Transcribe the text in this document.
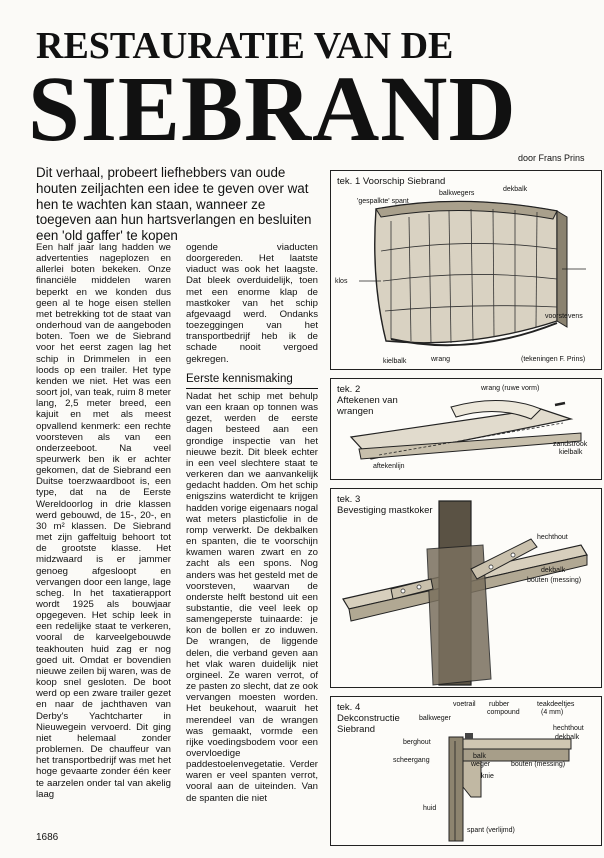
RESTAURATIE VAN DE
SIEBRAND door Frans Prins
Dit verhaal, probeert liefhebbers van oude houten zeiljachten een idee te geven over wat hen te wachten kan staan, wanneer ze toegeven aan hun hartsverlangen en besluiten een 'old gaffer' te kopen

Een half jaar lang hadden we advertenties nageplozen en allerlei boten bekeken. Onze financiële middelen waren beperkt en we konden dus geen al te hoge eisen stellen met betrekking tot de staat van onderhoud van de aangeboden boten. Toen we de Siebrand voor het eerst zagen lag het schip in Drimmelen in een loods op een trailer. Het type kenden we niet. Het was een soort jol, van teak, ruim 8 meter lang, 2,5 meter breed, een kajuit en met als meest opvallend kenmerk: een rechte voorsteven als van een onderzeeboot. Na veel speurwerk ben ik er achter gekomen, dat de Siebrand een Duitse toerzwaardboot is, een type, dat na de Eerste Wereldoorlog in drie klassen werd gebouwd, de 15-, 20-, en 30 m² klassen. De Siebrand met zijn gaffeltuig behoort tot de grootste klasse. Het midzwaard is er jammer genoeg afgesloopt en vervangen door een lange, lage scheg. In het taxatierapport wordt 1925 als bouwjaar opgegeven. Het schip leek in een redelijke staat te verkeren, vooral de karveelgebouwde teakhouten huid zag er nog goed uit. Omdat er bovendien nieuwe zeilen bij waren, was de koop snel gesloten. De boot werd op een zware trailer gezet en naar de jachthaven van Derby's Yachtcharter in Nieuwegein vervoerd. Dit ging niet helemaal zonder problemen. De chauffeur van het transportbedrijf was met het hoge gevaarte zonder één keer te aarzelen onder tal van akelig laag

ogende viaducten doorgereden. Het laatste viaduct was ook het laagste. Dat bleek overduidelijk, toen met een enorme klap de mastkoker van het schip afgevaagd werd. Ondanks toezeggingen van het transportbedrijf heb ik de schade nooit vergoed gekregen.

Eerste kennismaking

Nadat het schip met behulp van een kraan op tonnen was gezet, werden de eerste dagen besteed aan een grondige inspectie van het nieuwe bezit. Dit bleek echter in een veel slechtere staat te verkeren dan we aanvankelijk gedacht hadden. Om het schip enigszins waterdicht te krijgen hadden vorige eigenaars nogal wat meters plasticfolie in de romp verwerkt. De dekbalken en spanten, die te voorschijn kwamen waren zwart en zo zacht als een spons. Nog anders was het gesteld met de voorsteven, waarvan de onderste helft bestond uit een substantie, die veel leek op samengeperste tuinaarde: je kon de bollen er zo induwen. De wrangen, de liggende delen, die verband geven aan het vlak waren duidelijk niet orgineel. Ze waren verrot, of ze pasten zo slecht, dat ze ook vervangen moesten worden. Het beukehout, waaruit het merendeel van de wrangen was gemaakt, vormde een rijke voedingsbodem voor een overvloedige paddestoelenvegetatie. Verder waren er veel spanten verrot, vooral aan de uiteinden. Van de spanten die niet

1686
tek. 1 Voorschip Siebrand
balkwegers
dekbalk
'gespalkte' spant
klos
voorstevens
kielbalk	wrang	(tekeningen F. Prins)
tek. 2
Aftekenen van
wrangen
wrang (ruwe vorm)
zandstrook
kielbalk
aftekenlijn
tek. 3
Bevestiging mastkoker
hechthout
dekbalk
bouten (messing)
tek. 4
Dekconstructie
Siebrand
voetrail rubber
compound
teakdeeltjes
(4 mm)
balkweger
hechthout
dekbalk
berghout
balk
weger	bouten (messing)
scheergang
knie
huid
spant (verlijmd)
